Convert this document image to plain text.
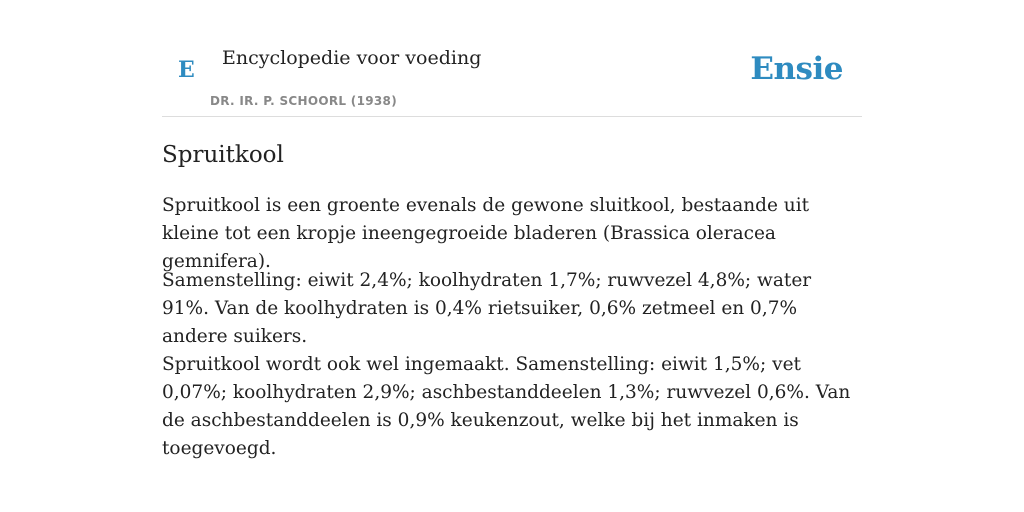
E Encyclopedie voor voeding
DR. IR. P. SCHOORL (1938)
Ensie
Spruitkool

Spruitkool is een groente evenals de gewone sluitkool, bestaande uit kleine tot een kropje ineengegroeide bladeren (Brassica oleracea gemnifera).

Samenstelling: eiwit 2,4%; koolhydraten 1,7%; ruwvezel 4,8%; water 91%. Van de koolhydraten is 0,4% rietsuiker, 0,6% zetmeel en 0,7% andere suikers.

Spruitkool wordt ook wel ingemaakt. Samenstelling: eiwit 1,5%; vet 0,07%; koolhydraten 2,9%; aschbestanddeelen 1,3%; ruwvezel 0,6%. Van de aschbestanddeelen is 0,9% keukenzout, welke bij het inmaken is toegevoegd.
